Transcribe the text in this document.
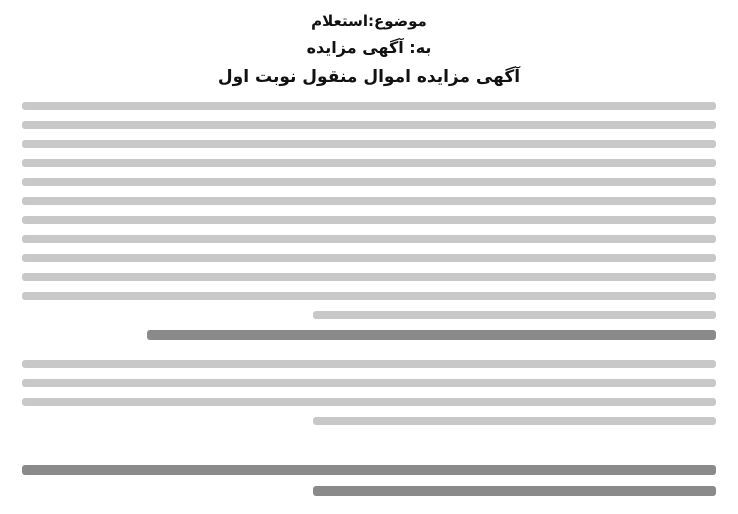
موضوع:استعلام
به: آگهی مزایده
آگهی مزایده اموال منقول نوبت اول
